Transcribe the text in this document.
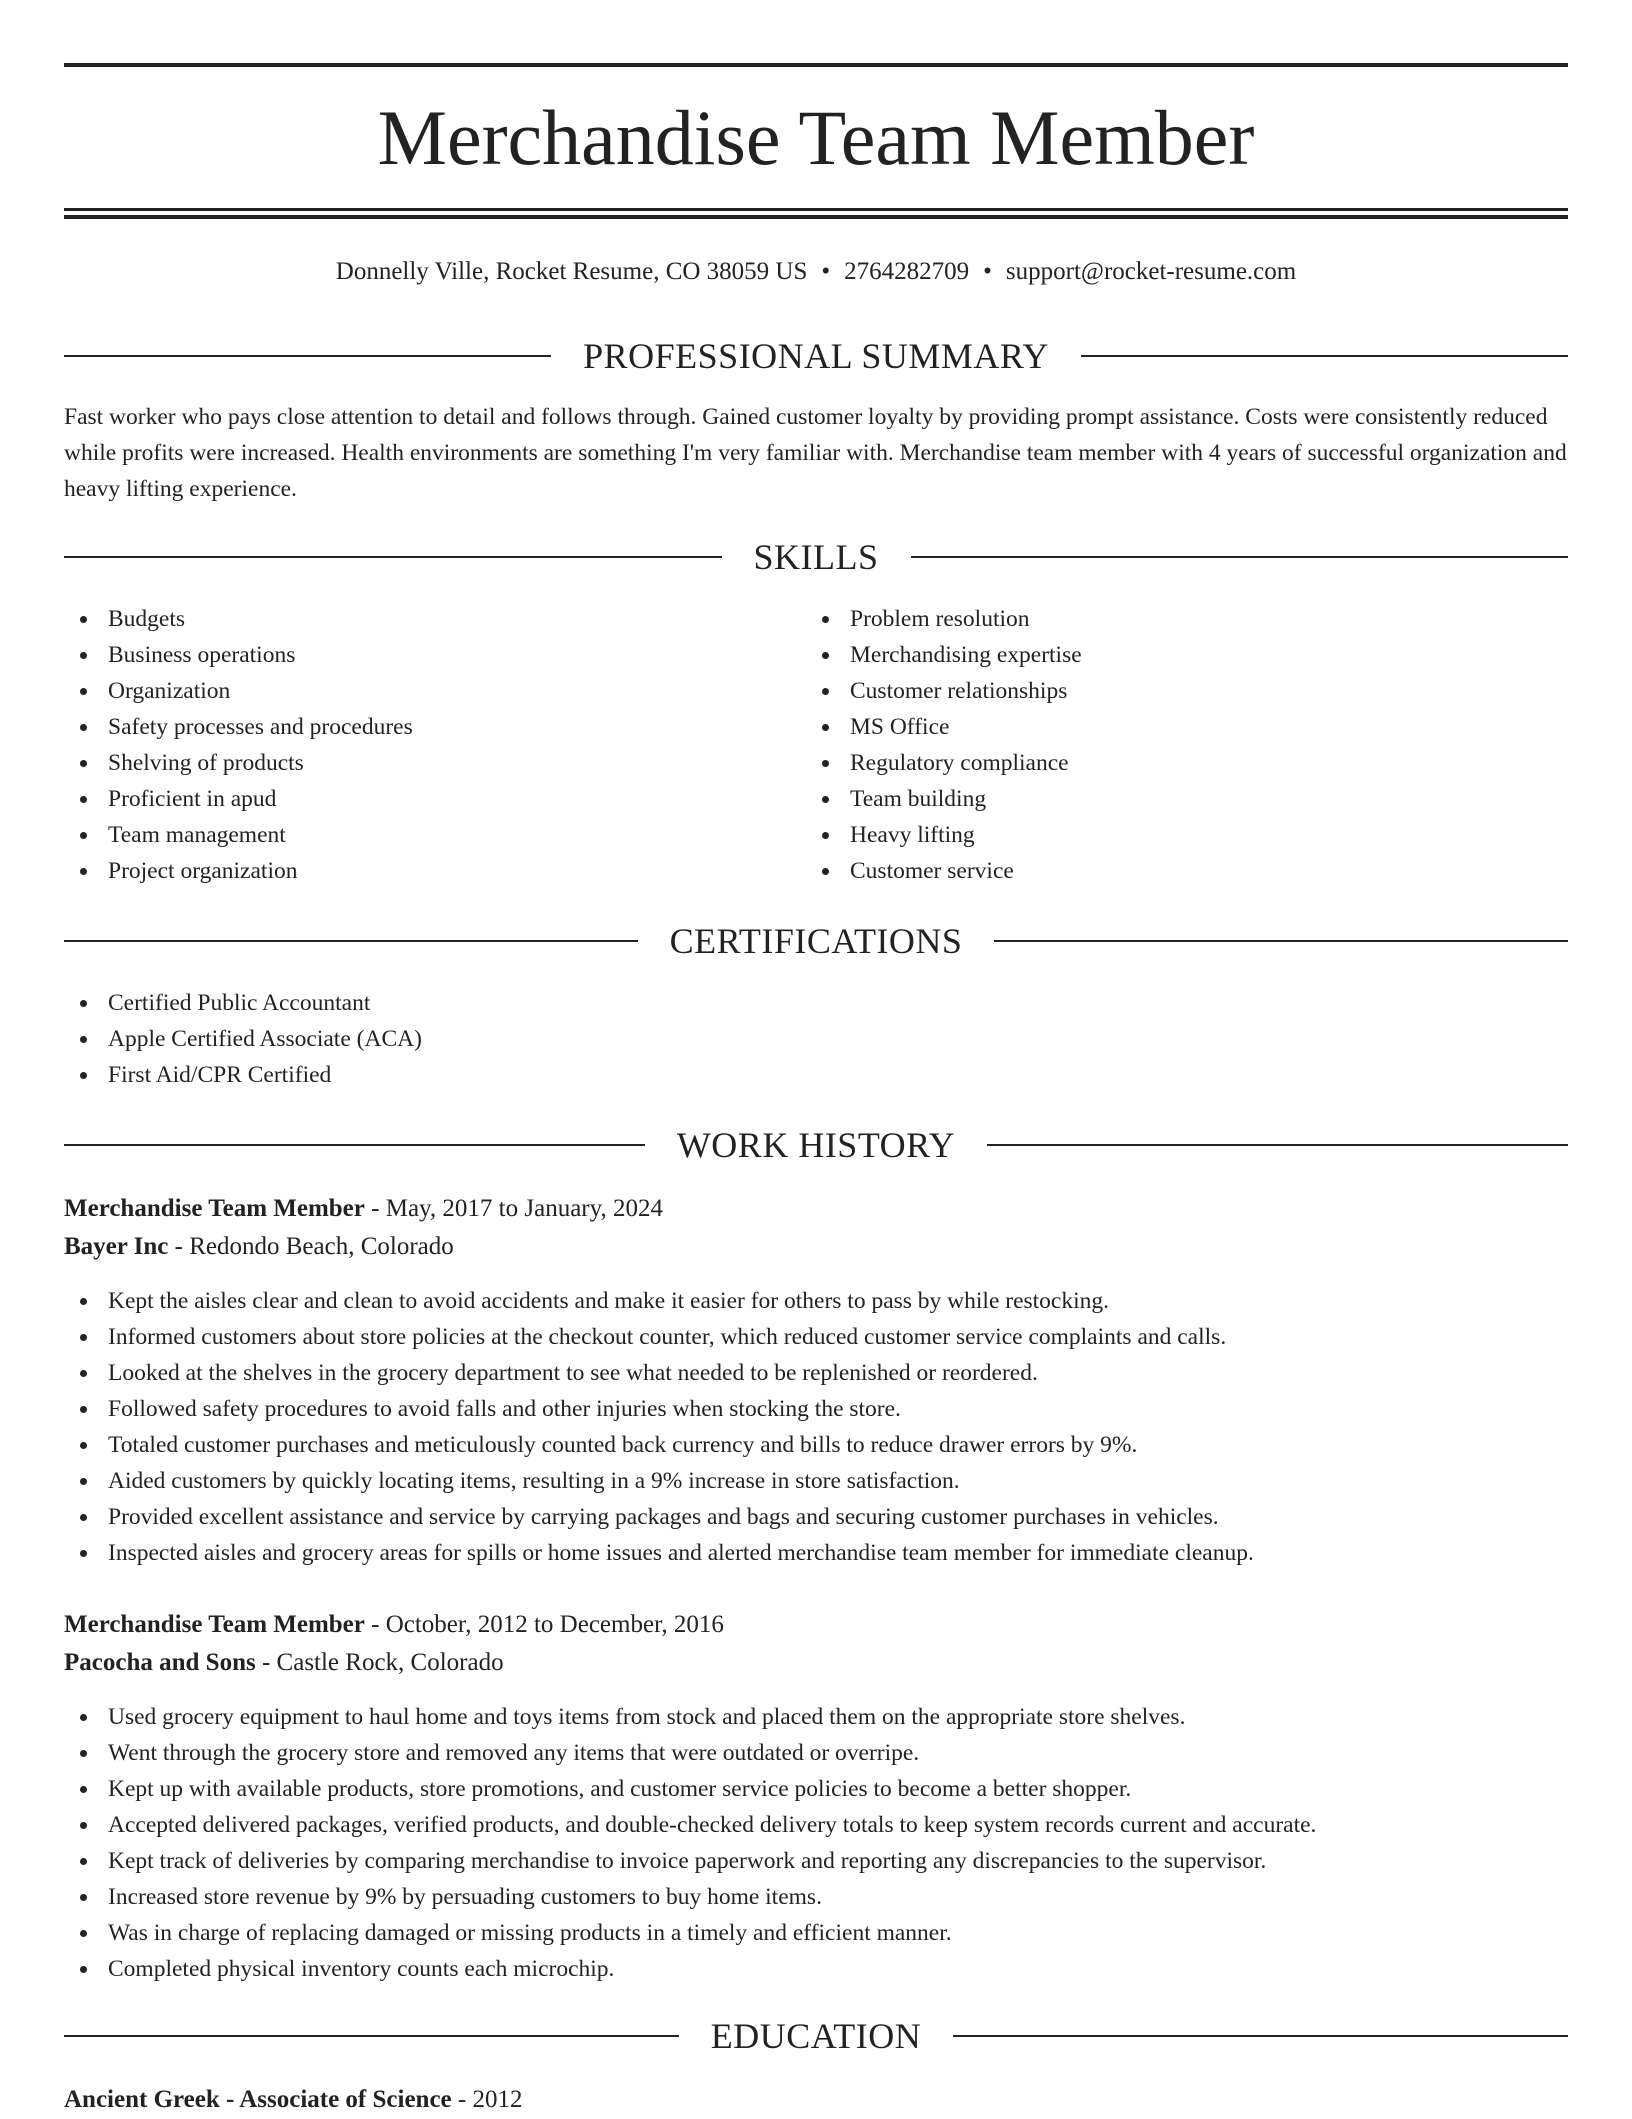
Merchandise Team Member
Donnelly Ville, Rocket Resume, CO 38059 US • 2764282709 • support@rocket-resume.com
PROFESSIONAL SUMMARY

Fast worker who pays close attention to detail and follows through. Gained customer loyalty by providing prompt assistance. Costs were consistently reduced while profits were increased. Health environments are something I'm very familiar with. Merchandise team member with 4 years of successful organization and heavy lifting experience.

SKILLS
Budgets
Business operations
Organization
Safety processes and procedures
Shelving of products
Proficient in apud
Team management
Project organization
Problem resolution
Merchandising expertise
Customer relationships
MS Office
Regulatory compliance
Team building
Heavy lifting
Customer service
CERTIFICATIONS
Certified Public Accountant
Apple Certified Associate (ACA)
First Aid/CPR Certified
WORK HISTORY
Merchandise Team Member - May, 2017 to January, 2024
Bayer Inc - Redondo Beach, Colorado
Kept the aisles clear and clean to avoid accidents and make it easier for others to pass by while restocking.
Informed customers about store policies at the checkout counter, which reduced customer service complaints and calls.
Looked at the shelves in the grocery department to see what needed to be replenished or reordered.
Followed safety procedures to avoid falls and other injuries when stocking the store.
Totaled customer purchases and meticulously counted back currency and bills to reduce drawer errors by 9%.
Aided customers by quickly locating items, resulting in a 9% increase in store satisfaction.
Provided excellent assistance and service by carrying packages and bags and securing customer purchases in vehicles.
Inspected aisles and grocery areas for spills or home issues and alerted merchandise team member for immediate cleanup.
Merchandise Team Member - October, 2012 to December, 2016
Pacocha and Sons - Castle Rock, Colorado
Used grocery equipment to haul home and toys items from stock and placed them on the appropriate store shelves.
Went through the grocery store and removed any items that were outdated or overripe.
Kept up with available products, store promotions, and customer service policies to become a better shopper.
Accepted delivered packages, verified products, and double-checked delivery totals to keep system records current and accurate.
Kept track of deliveries by comparing merchandise to invoice paperwork and reporting any discrepancies to the supervisor.
Increased store revenue by 9% by persuading customers to buy home items.
Was in charge of replacing damaged or missing products in a timely and efficient manner.
Completed physical inventory counts each microchip.
EDUCATION
Ancient Greek - Associate of Science - 2012
